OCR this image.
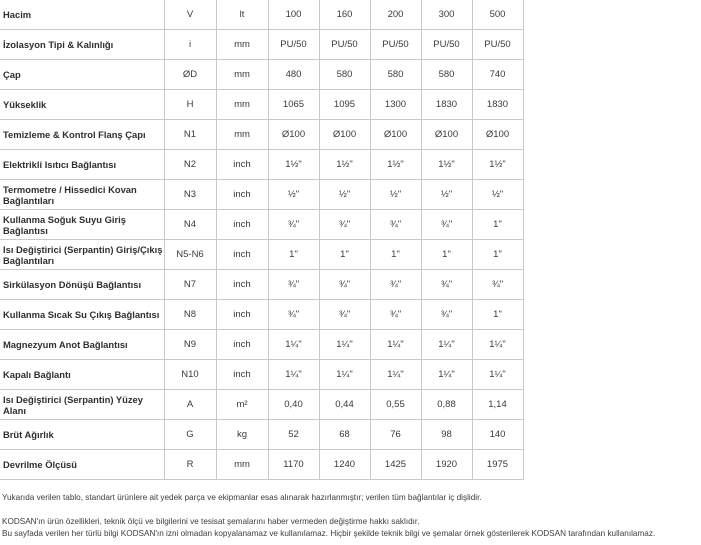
Hacim	V	lt	100	160	200	300	500
İzolasyon Tipi & Kalınlığı	i	mm	PU/50	PU/50	PU/50	PU/50	PU/50
Çap	ØD	mm	480	580	580	580	740
Yükseklik	H	mm	1065	1095	1300	1830	1830
Temizleme & Kontrol Flanş Çapı	N1	mm	Ø100	Ø100	Ø100	Ø100	Ø100
Elektrikli Isıtıcı Bağlantısı	N2	inch	1½"	1½"	1½"	1½"	1½"
Termometre / Hissedici Kovan Bağlantıları	N3	inch	½"	½"	½"	½"	½"
Kullanma Soğuk Suyu Giriş Bağlantısı	N4	inch	¾"	¾"	¾"	¾"	1"
Isı Değiştirici (Serpantin) Giriş/Çıkış Bağlantıları	N5-N6	inch	1"	1"	1"	1"	1"
Sirkülasyon Dönüşü Bağlantısı	N7	inch	¾"	¾"	¾"	¾"	¾"
Kullanma Sıcak Su Çıkış Bağlantısı	N8	inch	¾"	¾"	¾"	¾"	1"
Magnezyum Anot Bağlantısı	N9	inch	1¼"	1¼"	1¼"	1¼"	1¼"
Kapalı Bağlantı	N10	inch	1¼"	1¼"	1¼"	1¼"	1¼"
Isı Değiştirici (Serpantin) Yüzey Alanı	A	m²	0,40	0,44	0,55	0,88	1,14
Brüt Ağırlık	G	kg	52	68	76	98	140
Devrilme Ölçüsü	R	mm	1170	1240	1425	1920	1975
Yukarıda verilen tablo, standart ürünlere ait yedek parça ve ekipmanlar esas alınarak hazırlanmıştır; verilen tüm bağlantılar iç dişlidir.
KODSAN'ın ürün özellikleri, teknik ölçü ve bilgilerini ve tesisat şemalarını haber vermeden değiştirme hakkı saklıdır.
Bu sayfada verilen her türlü bilgi KODSAN'ın izni olmadan kopyalanamaz ve kullanılamaz. Hiçbir şekilde teknik bilgi ve şemalar örnek gösterilerek KODSAN tarafından kullanılamaz.
